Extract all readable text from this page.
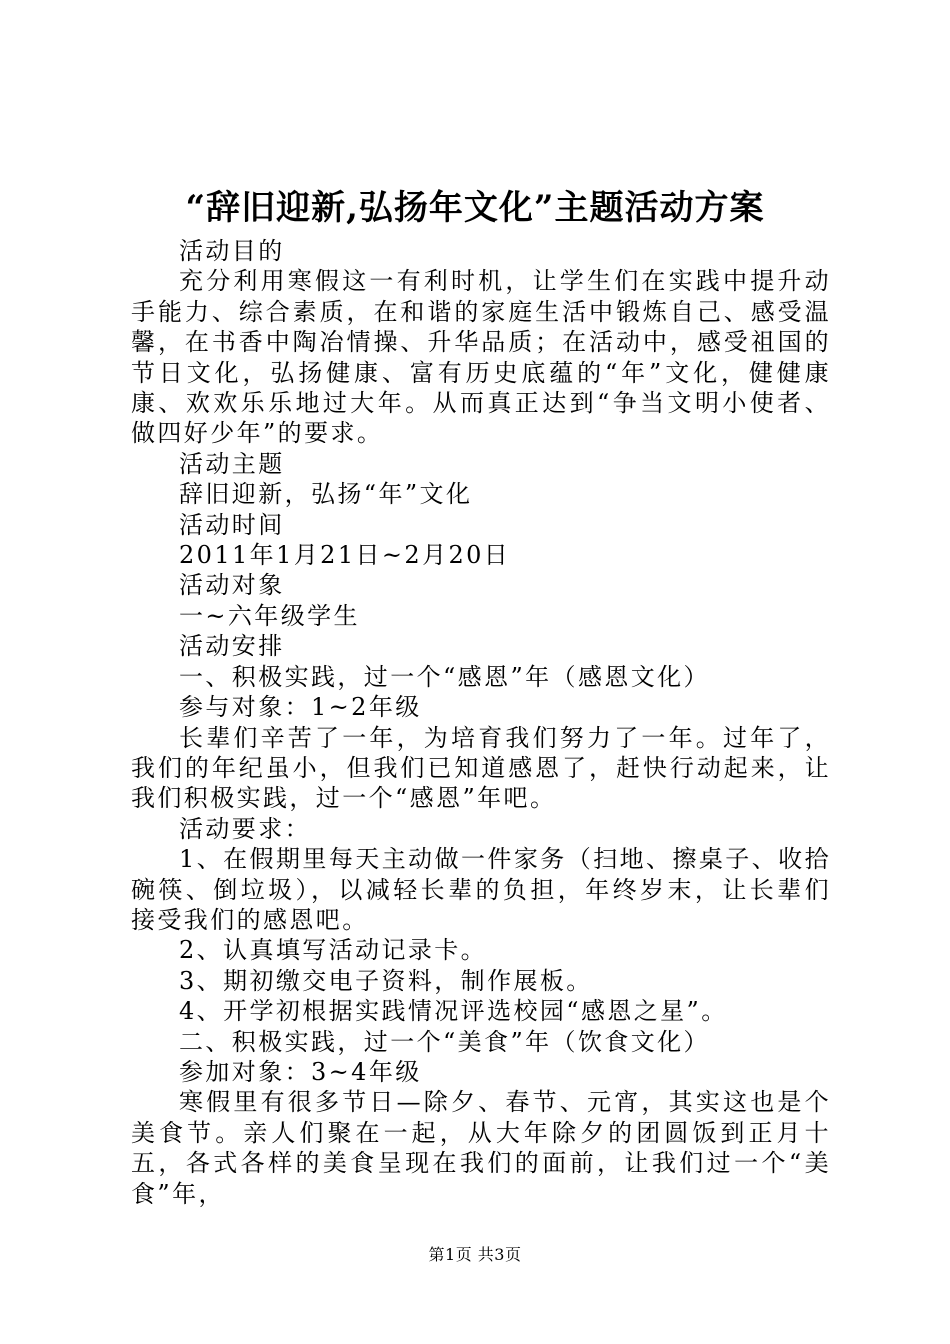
“辞旧迎新,弘扬年文化”主题活动方案

活动目的

充分利用寒假这一有利时机，让学生们在实践中提升动手能力、综合素质，在和谐的家庭生活中锻炼自己、感受温馨，在书香中陶冶情操、升华品质；在活动中，感受祖国的节日文化，弘扬健康、富有历史底蕴的“年”文化，健健康康、欢欢乐乐地过大年。从而真正达到“争当文明小使者、做四好少年”的要求。

活动主题

辞旧迎新，弘扬“年”文化

活动时间

2011年1月21日~2月20日

活动对象

一~六年级学生

活动安排

一、积极实践，过一个“感恩”年（感恩文化）

参与对象：1~2年级

长辈们辛苦了一年，为培育我们努力了一年。过年了，我们的年纪虽小，但我们已知道感恩了，赶快行动起来，让我们积极实践，过一个“感恩”年吧。

活动要求：

1、在假期里每天主动做一件家务（扫地、擦桌子、收拾碗筷、倒垃圾），以减轻长辈的负担，年终岁末，让长辈们接受我们的感恩吧。

2、认真填写活动记录卡。

3、期初缴交电子资料，制作展板。

4、开学初根据实践情况评选校园“感恩之星”。

二、积极实践，过一个“美食”年（饮食文化）

参加对象：3~4年级

寒假里有很多节日—除夕、春节、元宵，其实这也是个美食节。亲人们聚在一起，从大年除夕的团圆饭到正月十五，各式各样的美食呈现在我们的面前，让我们过一个“美食”年，

第1页 共3页
